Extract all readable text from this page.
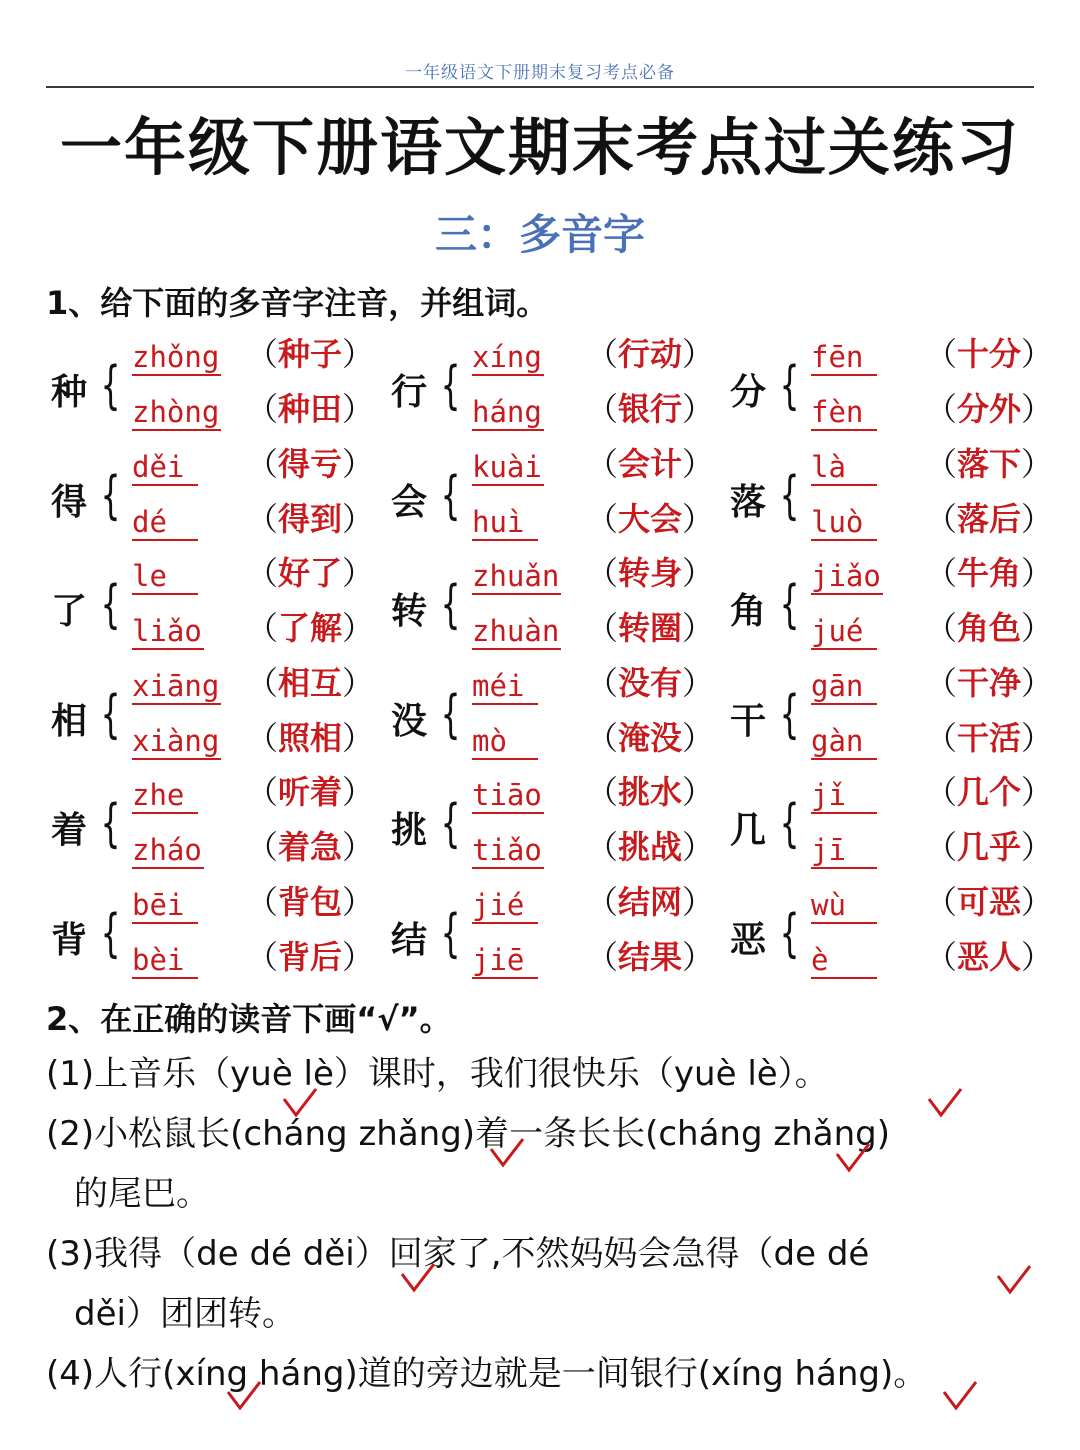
一年级语文下册期末复习考点必备
一年级下册语文期末考点过关练习
三：多音字
1、给下面的多音字注音，并组词。
种 { zhǒng （种子）
zhòng （种田）
得 { děi	（得亏）
dé	（得到）
了 { le	（好了）
liǎo （了解）
相 { xiāng （相互）
xiàng （照相）
着 { zhe	（听着）
zháo （着急）
背 { bēi	（背包）
bèi	（背后）
行 { xíng （行动）
háng （银行）
会 { kuài （会计）
huì	（大会）
转 { zhuǎn （转身）
zhuàn （转圈）
没 { méi	（没有）
mò	（淹没）
挑 { tiāo （挑水）
tiǎo （挑战）
结 { jié	（结网）
jiē	（结果）
分 { fēn	（十分）
fèn	（分外）
落 { là	（落下）
luò	（落后）
角 { jiǎo （牛角）
jué	（角色）
干 { gān	（干净）
gàn	（干活）
几 { jǐ	（几个）
jī	（几乎）
恶 { wù	（可恶）
è	（恶人）
2、在正确的读音下画“√”。
(1)上音乐（yuè lè）课时，我们很快乐（yuè lè）。
(2)小松鼠长(cháng zhǎng)着一条长长(cháng zhǎng)
的尾巴。
(3)我得（de dé děi）回家了,不然妈妈会急得（de dé
děi）团团转。
(4)人行(xíng háng)道的旁边就是一间银行(xíng háng)。
